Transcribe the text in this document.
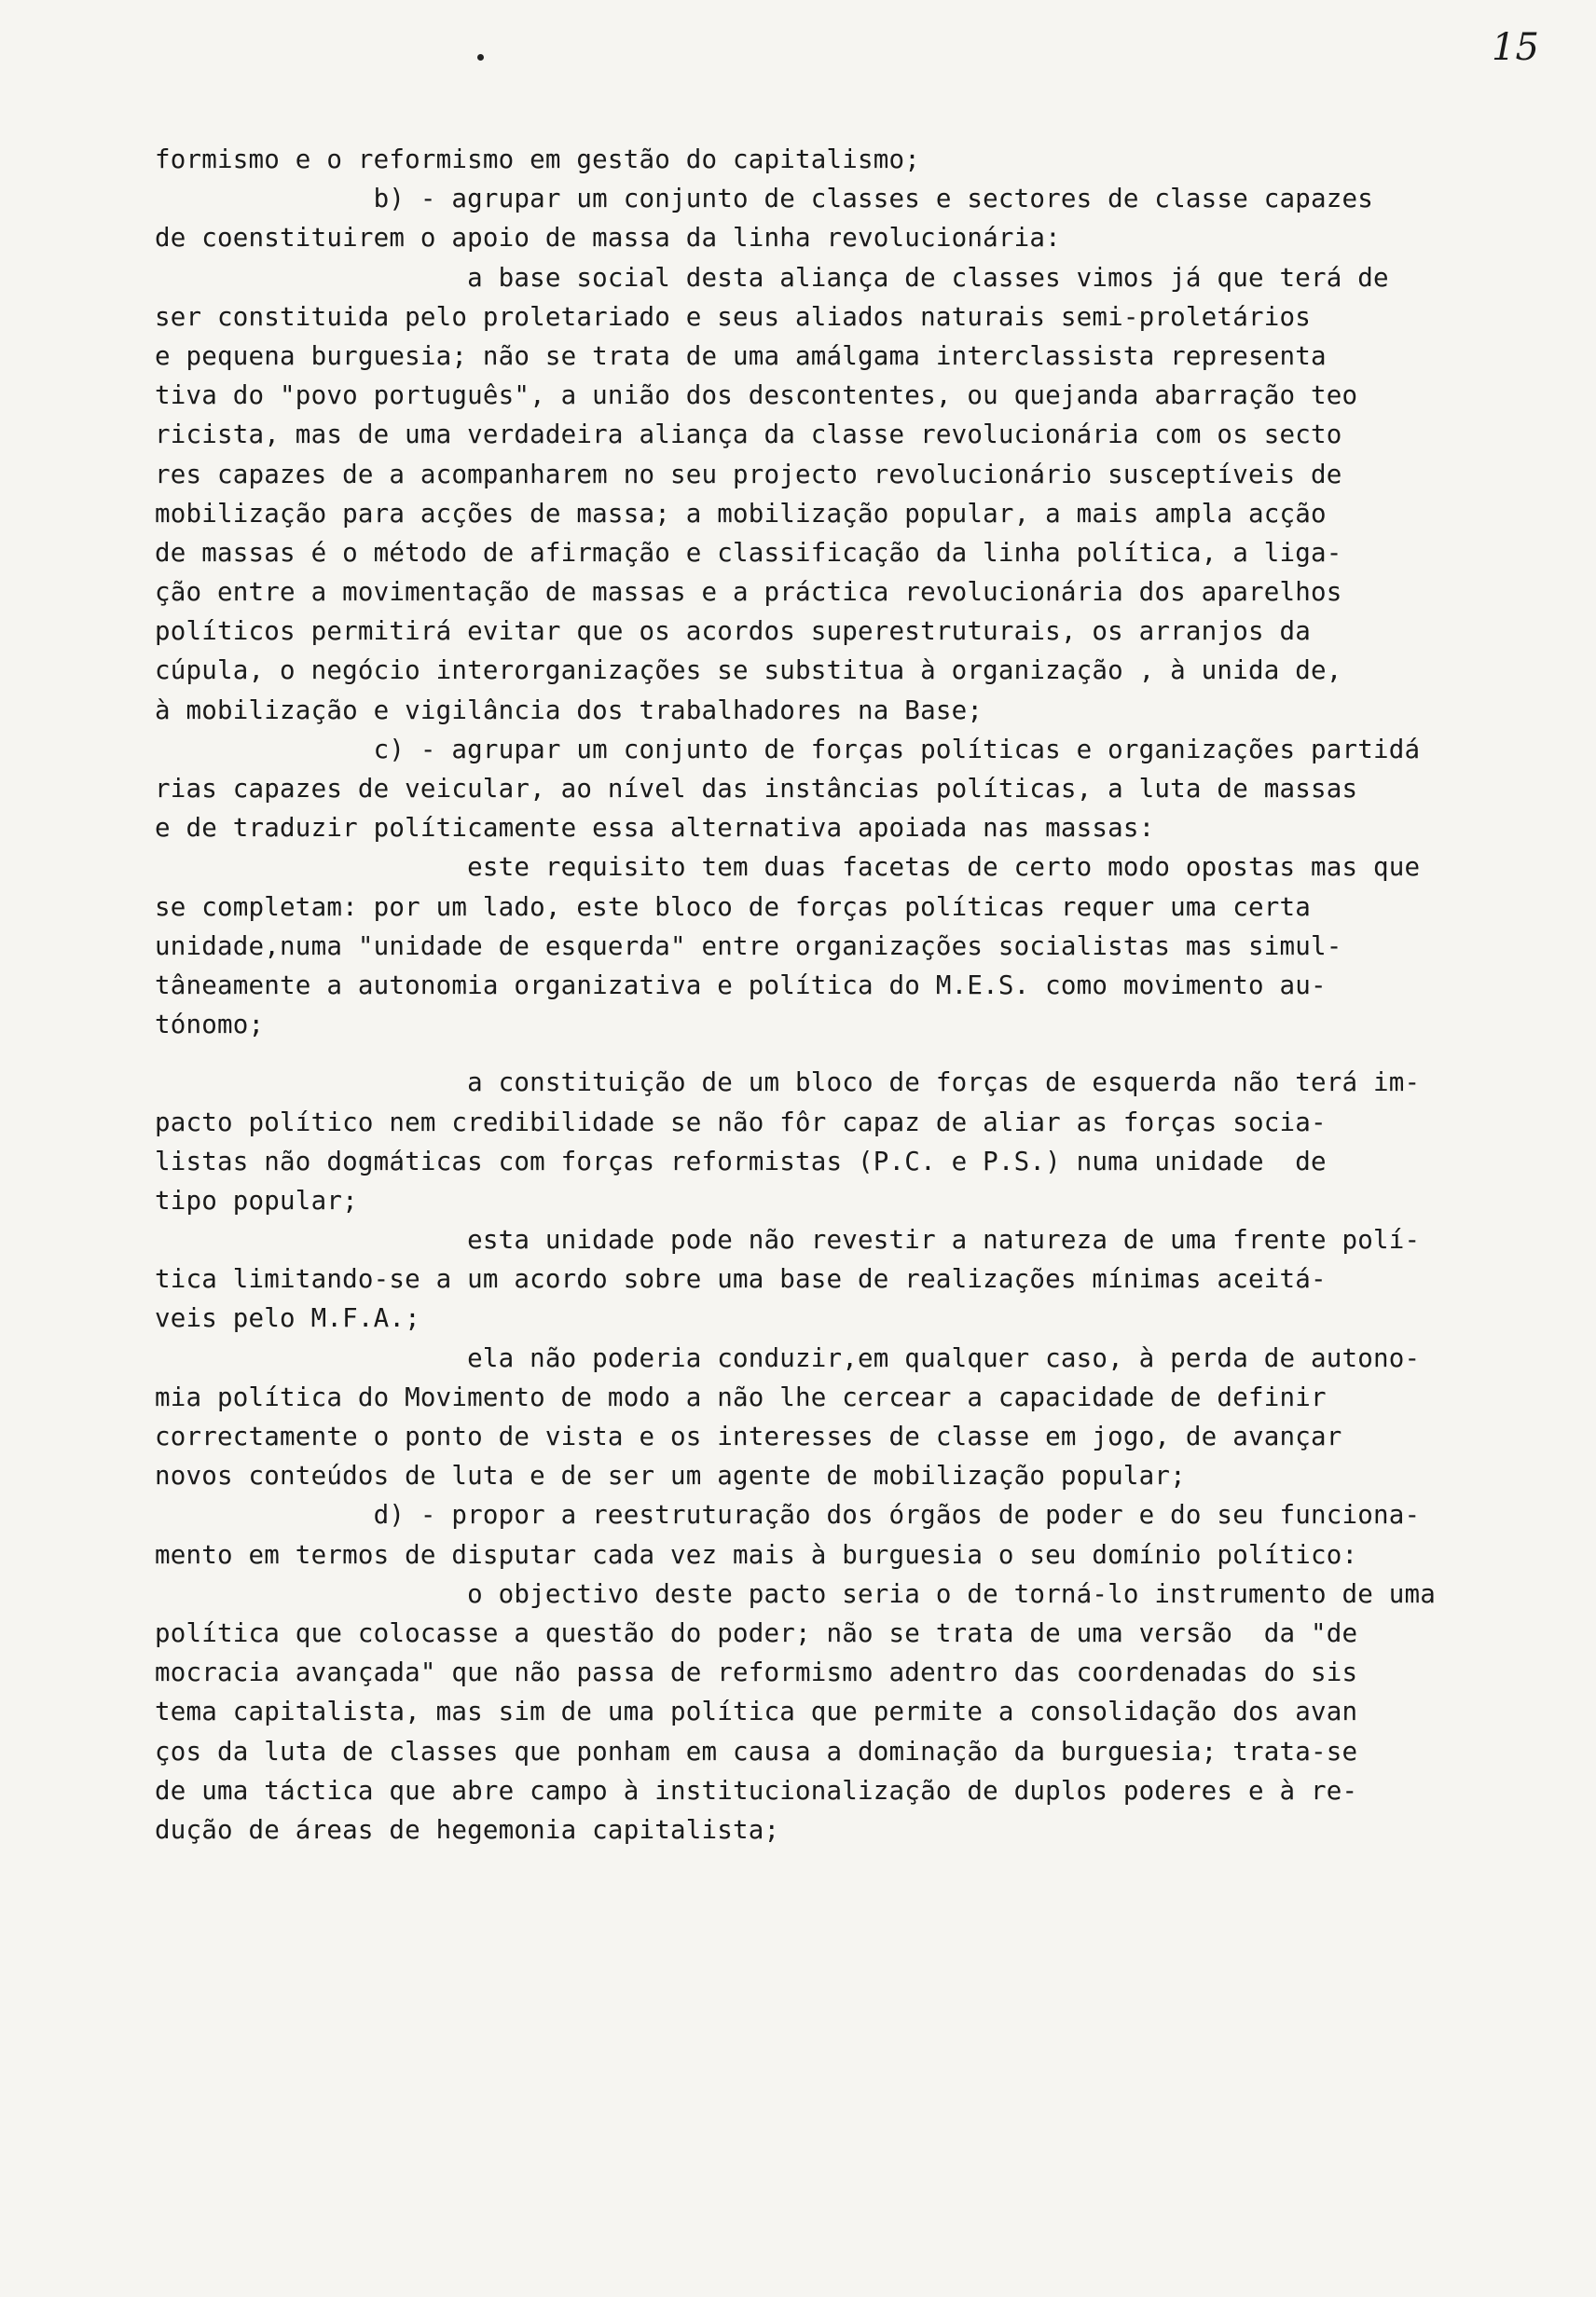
15
formismo e o reformismo em gestão do capitalismo;
b) - agrupar um conjunto de classes e sectores de classe capazes
de coenstituirem o apoio de massa da linha revolucionária:
a base social desta aliança de classes vimos já que terá de
ser constituida pelo proletariado e seus aliados naturais semi-proletários
e pequena burguesia; não se trata de uma amálgama interclassista representa
tiva do "povo português", a união dos descontentes, ou quejanda abarração teo
ricista, mas de uma verdadeira aliança da classe revolucionária com os secto
res capazes de a acompanharem no seu projecto revolucionário susceptíveis de
mobilização para acções de massa; a mobilização popular, a mais ampla acção
de massas é o método de afirmação e classificação da linha política, a liga-
ção entre a movimentação de massas e a práctica revolucionária dos aparelhos
políticos permitirá evitar que os acordos superestruturais, os arranjos da
cúpula, o negócio interorganizações se substitua à organização , à unida de,
à mobilização e vigilância dos trabalhadores na Base;
c) - agrupar um conjunto de forças políticas e organizações partidá
rias capazes de veicular, ao nível das instâncias políticas, a luta de massas
e de traduzir políticamente essa alternativa apoiada nas massas:
este requisito tem duas facetas de certo modo opostas mas que
se completam: por um lado, este bloco de forças políticas requer uma certa
unidade,numa "unidade de esquerda" entre organizações socialistas mas simul-
tâneamente a autonomia organizativa e política do M.E.S. como movimento au-
tónomo;
a constituição de um bloco de forças de esquerda não terá im-
pacto político nem credibilidade se não fôr capaz de aliar as forças socia-
listas não dogmáticas com forças reformistas (P.C. e P.S.) numa unidade  de
tipo popular;
esta unidade pode não revestir a natureza de uma frente polí-
tica limitando-se a um acordo sobre uma base de realizações mínimas aceitá-
veis pelo M.F.A.;
ela não poderia conduzir,em qualquer caso, à perda de autono-
mia política do Movimento de modo a não lhe cercear a capacidade de definir
correctamente o ponto de vista e os interesses de classe em jogo, de avançar
novos conteúdos de luta e de ser um agente de mobilização popular;
d) - propor a reestruturação dos órgãos de poder e do seu funciona-
mento em termos de disputar cada vez mais à burguesia o seu domínio político:
o objectivo deste pacto seria o de torná-lo instrumento de uma
política que colocasse a questão do poder; não se trata de uma versão  da "de
mocracia avançada" que não passa de reformismo adentro das coordenadas do sis
tema capitalista, mas sim de uma política que permite a consolidação dos avan
ços da luta de classes que ponham em causa a dominação da burguesia; trata-se
de uma táctica que abre campo à institucionalização de duplos poderes e à re-
dução de áreas de hegemonia capitalista;
